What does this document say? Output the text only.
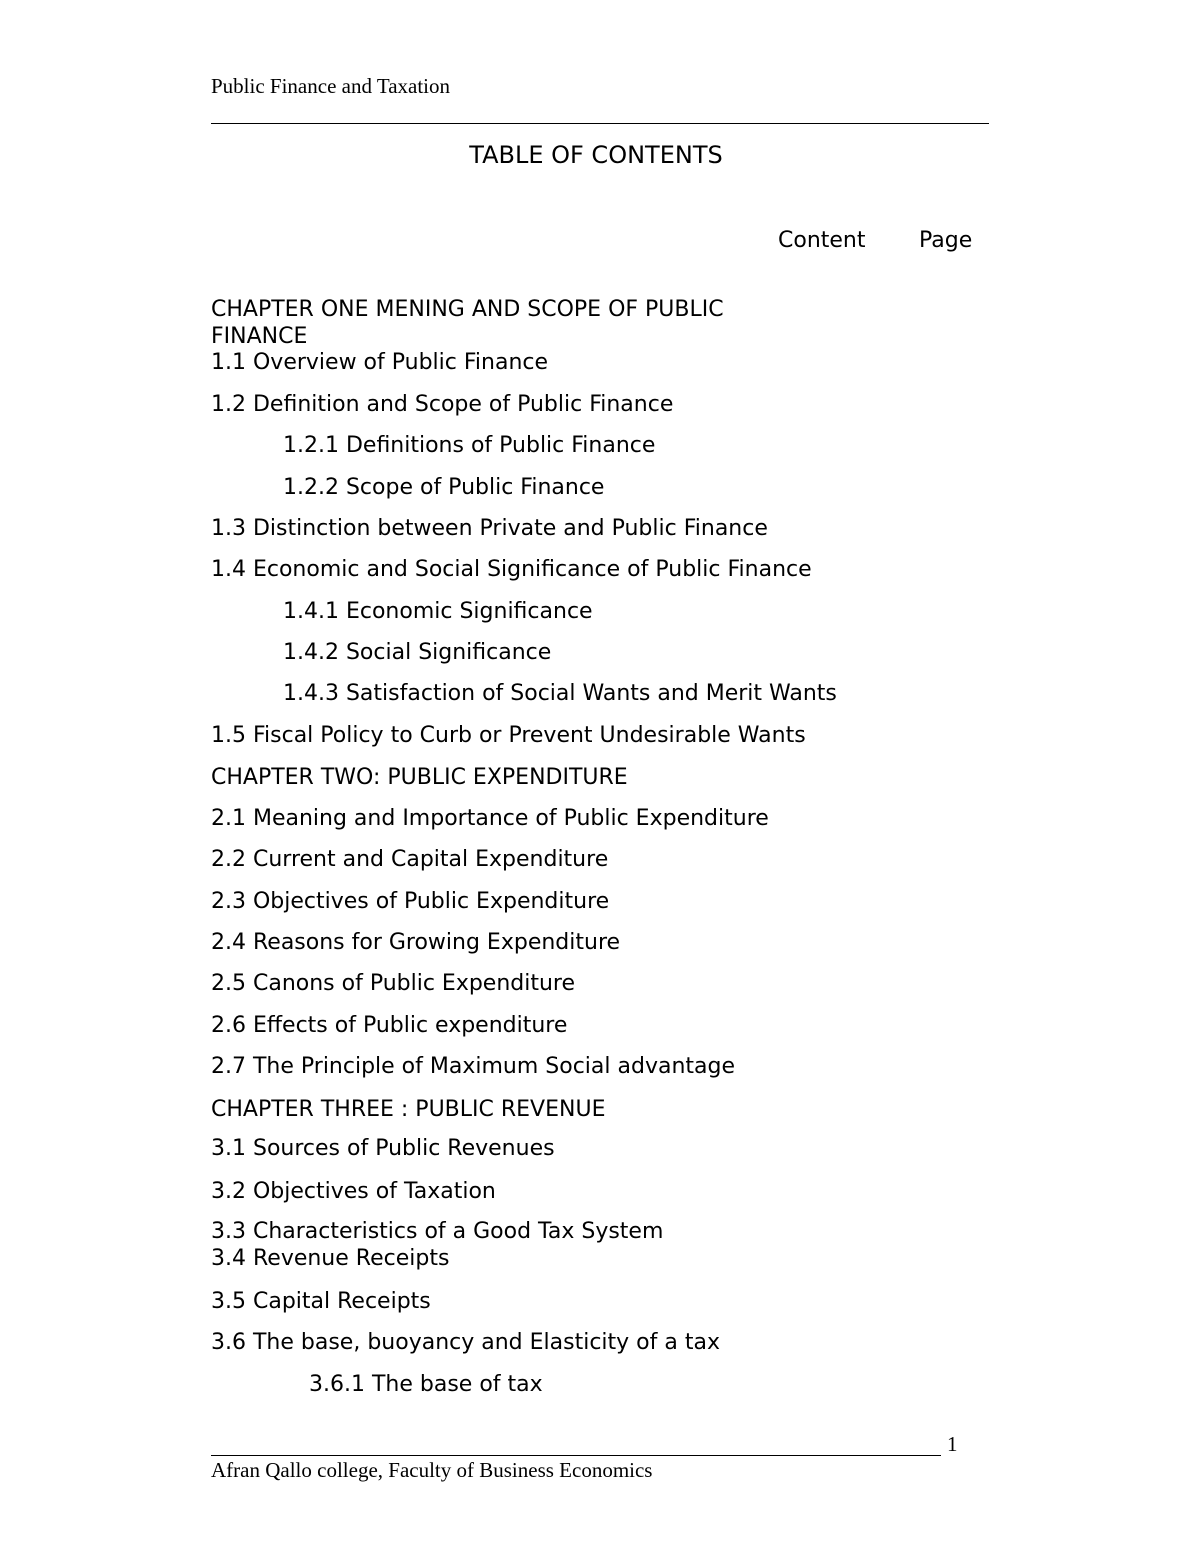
Public Finance and Taxation
TABLE OF CONTENTS
Content Page
CHAPTER ONE MENING AND SCOPE OF PUBLIC FINANCE
1.1 Overview of Public Finance
1.2 Definition and Scope of Public Finance
1.2.1 Definitions of Public Finance
1.2.2 Scope of Public Finance
1.3 Distinction between Private and Public Finance
1.4 Economic and Social Significance of Public Finance
1.4.1 Economic Significance
1.4.2 Social Significance
1.4.3 Satisfaction of Social Wants and Merit Wants
1.5 Fiscal Policy to Curb or Prevent Undesirable Wants
CHAPTER TWO: PUBLIC EXPENDITURE
2.1 Meaning and Importance of Public Expenditure
2.2 Current and Capital Expenditure
2.3 Objectives of Public Expenditure
2.4 Reasons for Growing Expenditure
2.5 Canons of Public Expenditure
2.6 Effects of Public expenditure
2.7 The Principle of Maximum Social advantage
CHAPTER THREE : PUBLIC REVENUE
3.1 Sources of Public Revenues
3.2 Objectives of Taxation
3.3 Characteristics of a Good Tax System
3.4 Revenue Receipts
3.5 Capital Receipts
3.6 The base, buoyancy and Elasticity of a tax
3.6.1 The base of tax
1
Afran Qallo college, Faculty of Business Economics
